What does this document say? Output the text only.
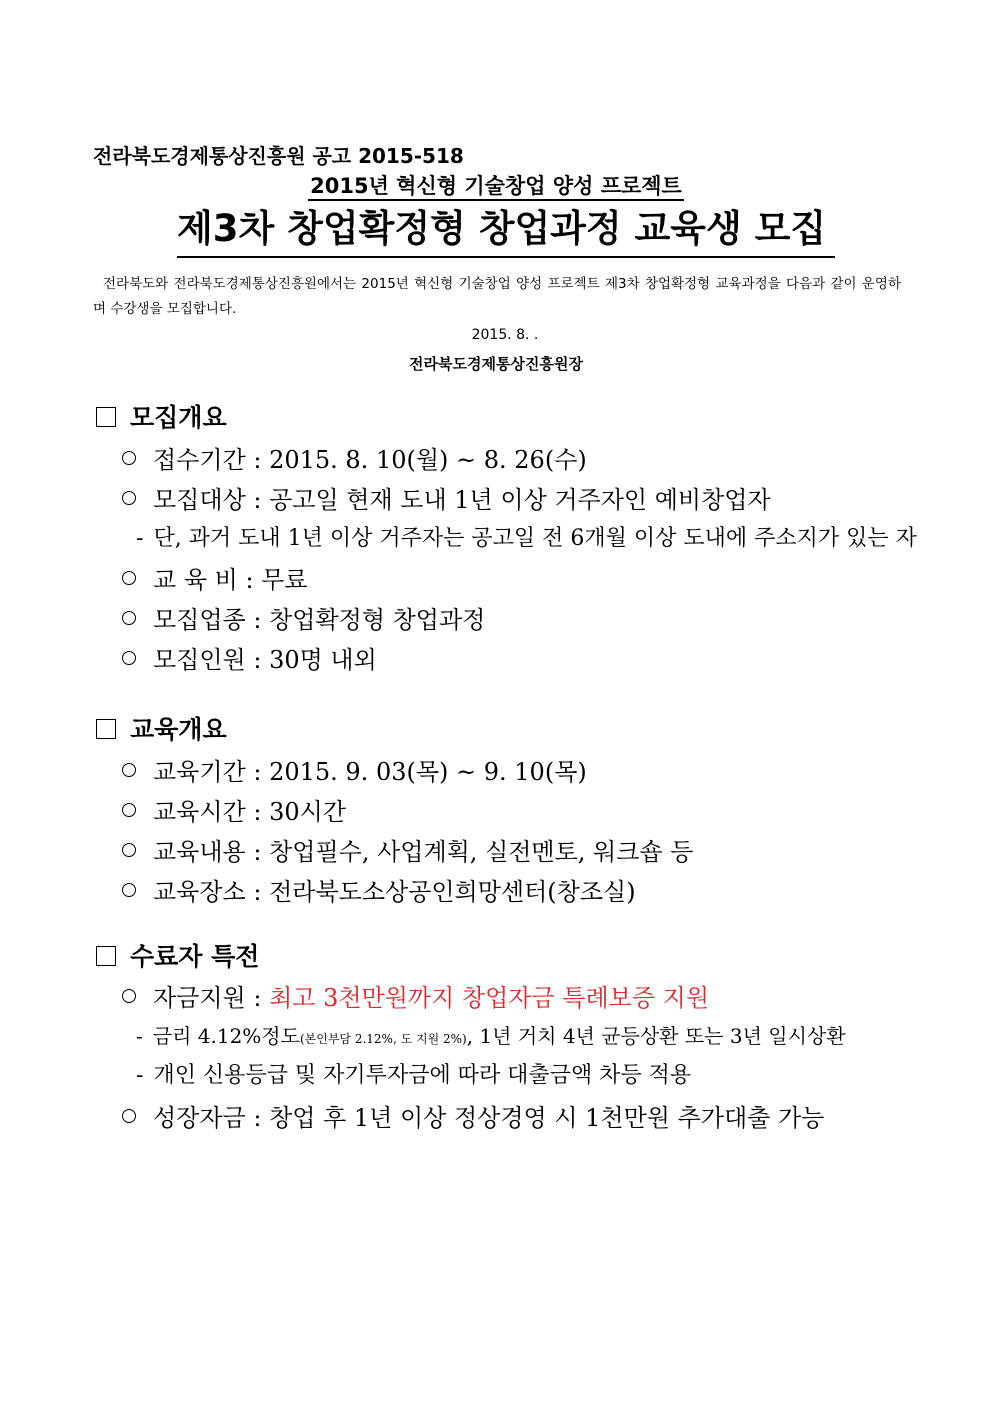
전라북도경제통상진흥원 공고 2015-518
2015년 혁신형 기술창업 양성 프로젝트
제3차 창업확정형 창업과정 교육생 모집
전라북도와 전라북도경제통상진흥원에서는 2015년 혁신형 기술창업 양성 프로젝트 제3차 창업확정형 교육과정을 다음과 같이 운영하며 수강생을 모집합니다.
2015. 8. .
전라북도경제통상진흥원장
모집개요
접수기간 : 2015. 8. 10(월) ~ 8. 26(수)
모집대상 : 공고일 현재 도내 1년 이상 거주자인 예비창업자
- 단, 과거 도내 1년 이상 거주자는 공고일 전 6개월 이상 도내에 주소지가 있는 자
교 육 비 : 무료
모집업종 : 창업확정형 창업과정
모집인원 : 30명 내외
교육개요
교육기간 : 2015. 9. 03(목) ~ 9. 10(목)
교육시간 : 30시간
교육내용 : 창업필수, 사업계획, 실전멘토, 워크숍 등
교육장소 : 전라북도소상공인희망센터(창조실)
수료자 특전
자금지원 : 최고 3천만원까지 창업자금 특례보증 지원
- 금리 4.12%정도(본인부담 2.12%, 도 지원 2%), 1년 거치 4년 균등상환 또는 3년 일시상환
- 개인 신용등급 및 자기투자금에 따라 대출금액 차등 적용
성장자금 : 창업 후 1년 이상 정상경영 시 1천만원 추가대출 가능
